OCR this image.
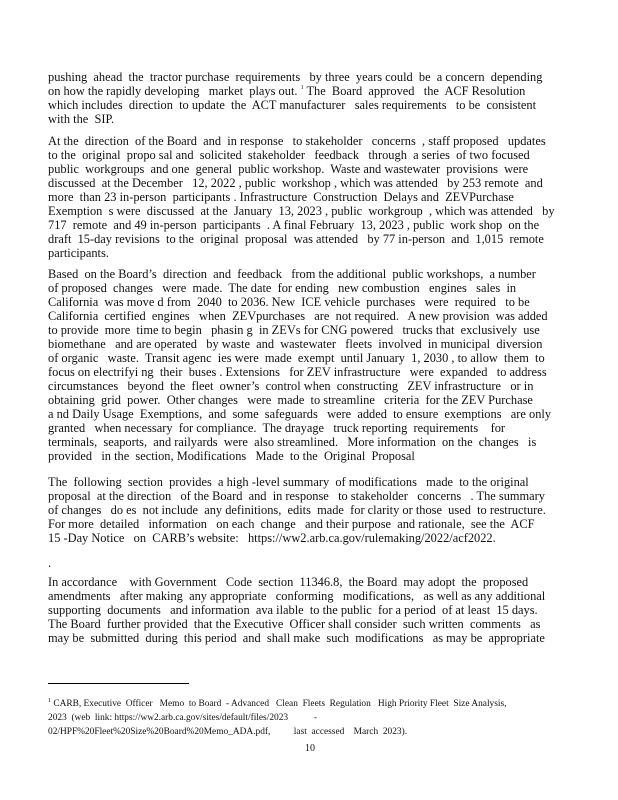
pushing  ahead  the  tractor purchase  requirements   by three  years could  be  a concern  depending
on how the rapidly developing   market  plays out. $^1$ The  Board  approved   the  ACF Resolution
which includes  direction  to update  the  ACT manufacturer   sales requirements   to be  consistent
with the  SIP.
At the  direction  of the Board  and  in response   to stakeholder   concerns  , staff proposed   updates
to the  original  propo sal and  solicited  stakeholder   feedback   through  a series  of two focused
public  workgroups  and one  general  public workshop.  Waste and wastewater  provisions  were
discussed  at the December   12, 2022 , public  workshop , which was attended   by 253 remote  and
more  than 23 in-person  participants . Infrastructure  Construction  Delays and  ZEVPurchase
Exemption  s were  discussed  at the  January  13, 2023 , public  workgroup  , which was attended   by
717  remote  and 49 in-person  participants  . A final February  13, 2023 , public  work shop  on the
draft  15-day revisions  to the  original  proposal  was attended   by 77 in-person  and  1,015  remote
participants.
Based  on the Board’s  direction  and  feedback   from the additional  public workshops,  a number
of proposed  changes   were  made.  The date  for ending   new combustion   engines   sales  in
California  was move d from  2040  to 2036. New  ICE vehicle  purchases   were  required   to be
California  certified  engines   when  ZEVpurchases   are  not required.   A new provision  was added
to provide  more  time to begin   phasin g  in ZEVs for CNG powered   trucks that  exclusively  use
biomethane   and are operated   by waste  and  wastewater   fleets  involved  in municipal  diversion
of organic   waste.  Transit agenc  ies were  made  exempt  until January  1, 2030 , to allow  them  to
focus on electrifyi ng  their  buses . Extensions   for ZEV infrastructure   were  expanded   to address
circumstances   beyond  the  fleet  owner’s  control when  constructing   ZEV infrastructure   or in
obtaining  grid  power.  Other changes   were  made  to streamline   criteria  for the ZEV Purchase
a nd Daily Usage  Exemptions,  and  some  safeguards   were  added  to ensure  exemptions   are only
granted   when necessary  for compliance.  The drayage   truck reporting  requirements    for
terminals,  seaports,  and railyards  were  also streamlined.   More information  on the  changes   is
provided   in the  section, Modifications   Made  to the  Original  Proposal
The  following  section  provides  a high -level summary  of modifications   made  to the original
proposal  at the direction   of the Board  and  in response   to stakeholder   concerns   . The summary
of changes   do es  not include  any definitions,  edits  made  for clarity or those  used  to restructure.
For more  detailed   information   on each  change   and their purpose  and rationale,  see the  ACF
15 -Day Notice   on  CARB’s website:   https://ww2.arb.ca.gov/rulemaking/2022/acf2022.
.
In accordance    with Government   Code  section  11346.8,  the Board  may adopt  the  proposed
amendments   after making  any appropriate   conforming   modifications,   as well as any additional
supporting  documents   and information  ava ilable  to the public  for a period  of at least  15 days.
The Board  further provided  that the Executive  Officer shall consider  such written  comments   as
may be  submitted  during  this period  and  shall make  such  modifications   as may be  appropriate
$^1$ CARB, Executive  Officer   Memo  to Board  - Advanced   Clean  Fleets  Regulation   High Priority Fleet  Size Analysis,
2023  (web  link: https://ww2.arb.ca.gov/sites/default/files/2023           -
02/HPF%20Fleet%20Size%20Board%20Memo_ADA.pdf,          last  accessed    March  2023).
10
